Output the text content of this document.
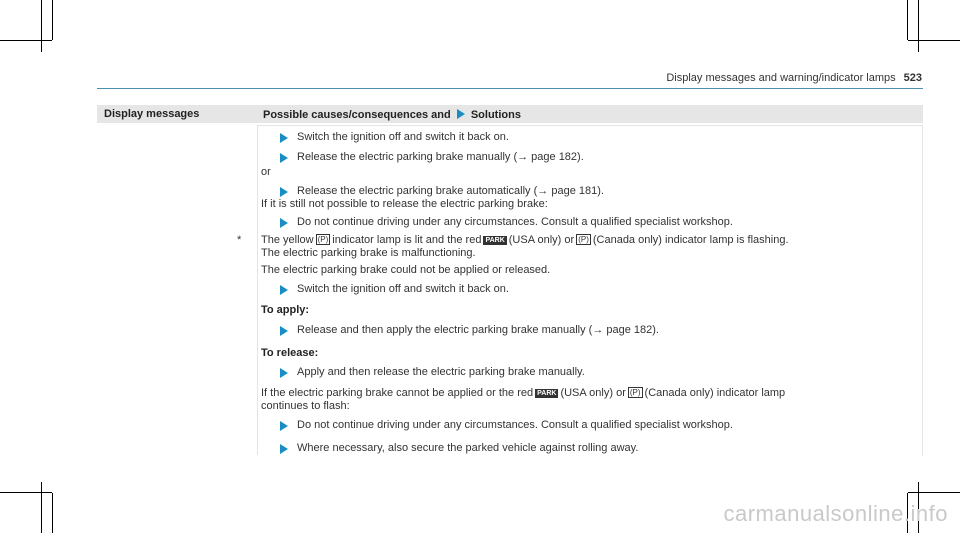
Display messages and warning/indicator lamps 523
Display messages	Possible causes/consequences and Solutions
Switch the ignition off and switch it back on.
Release the electric parking brake manually (→ page 182).
or
Release the electric parking brake automatically (→ page 181).
If it is still not possible to release the electric parking brake:
Do not continue driving under any circumstances. Consult a qualified specialist workshop.
* The yellow (P) indicator lamp is lit and the red PARK (USA only) or (P) (Canada only) indicator lamp is flashing.
The electric parking brake is malfunctioning.
The electric parking brake could not be applied or released.
Switch the ignition off and switch it back on.
To apply:
Release and then apply the electric parking brake manually (→ page 182).
To release:
Apply and then release the electric parking brake manually.
If the electric parking brake cannot be applied or the red PARK (USA only) or (P) (Canada only) indicator lamp
continues to flash:
Do not continue driving under any circumstances. Consult a qualified specialist workshop.
Where necessary, also secure the parked vehicle against rolling away.
carmanualsonline.info
